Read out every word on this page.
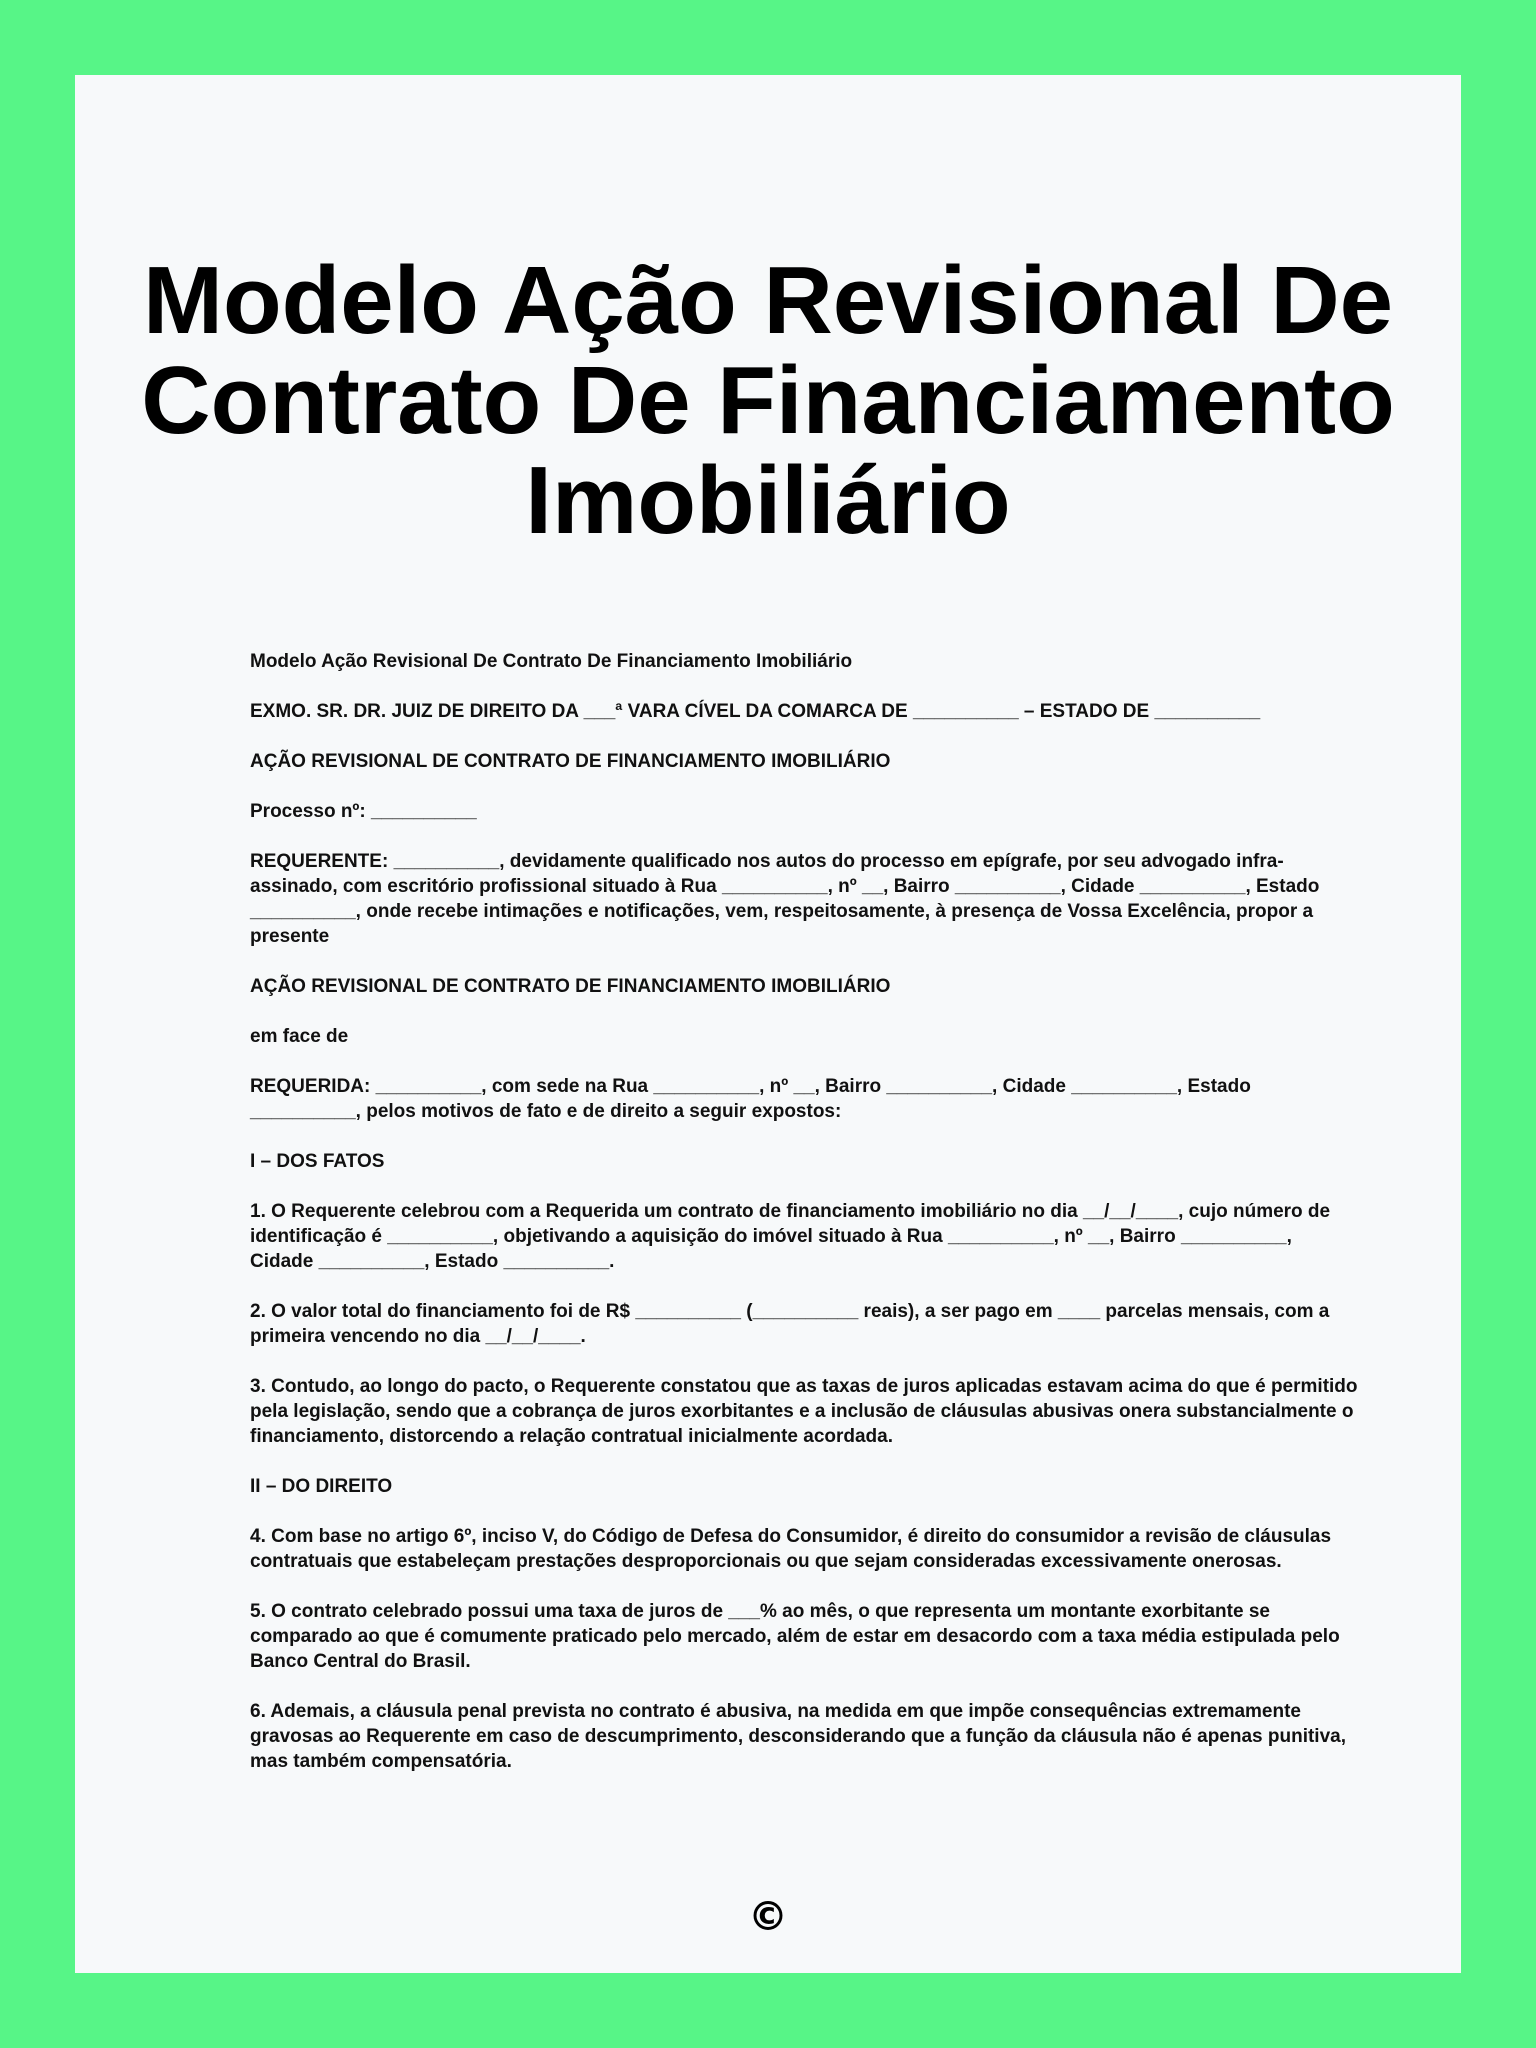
Modelo Ação Revisional De Contrato De Financiamento Imobiliário

Modelo Ação Revisional De Contrato De Financiamento Imobiliário

EXMO. SR. DR. JUIZ DE DIREITO DA ___ª VARA CÍVEL DA COMARCA DE __________ – ESTADO DE __________

AÇÃO REVISIONAL DE CONTRATO DE FINANCIAMENTO IMOBILIÁRIO

Processo nº: __________

REQUERENTE: __________, devidamente qualificado nos autos do processo em epígrafe, por seu advogado infra-assinado, com escritório profissional situado à Rua __________, nº __, Bairro __________, Cidade __________, Estado __________, onde recebe intimações e notificações, vem, respeitosamente, à presença de Vossa Excelência, propor a presente

AÇÃO REVISIONAL DE CONTRATO DE FINANCIAMENTO IMOBILIÁRIO

em face de

REQUERIDA: __________, com sede na Rua __________, nº __, Bairro __________, Cidade __________, Estado __________, pelos motivos de fato e de direito a seguir expostos:

I – DOS FATOS

1. O Requerente celebrou com a Requerida um contrato de financiamento imobiliário no dia __/__/____, cujo número de identificação é __________, objetivando a aquisição do imóvel situado à Rua __________, nº __, Bairro __________, Cidade __________, Estado __________.

2. O valor total do financiamento foi de R$ __________ (__________ reais), a ser pago em ____ parcelas mensais, com a primeira vencendo no dia __/__/____.

3. Contudo, ao longo do pacto, o Requerente constatou que as taxas de juros aplicadas estavam acima do que é permitido pela legislação, sendo que a cobrança de juros exorbitantes e a inclusão de cláusulas abusivas onera substancialmente o financiamento, distorcendo a relação contratual inicialmente acordada.

II – DO DIREITO

4. Com base no artigo 6º, inciso V, do Código de Defesa do Consumidor, é direito do consumidor a revisão de cláusulas contratuais que estabeleçam prestações desproporcionais ou que sejam consideradas excessivamente onerosas.

5. O contrato celebrado possui uma taxa de juros de ___% ao mês, o que representa um montante exorbitante se comparado ao que é comumente praticado pelo mercado, além de estar em desacordo com a taxa média estipulada pelo Banco Central do Brasil.

6. Ademais, a cláusula penal prevista no contrato é abusiva, na medida em que impõe consequências extremamente gravosas ao Requerente em caso de descumprimento, desconsiderando que a função da cláusula não é apenas punitiva, mas também compensatória.

©
